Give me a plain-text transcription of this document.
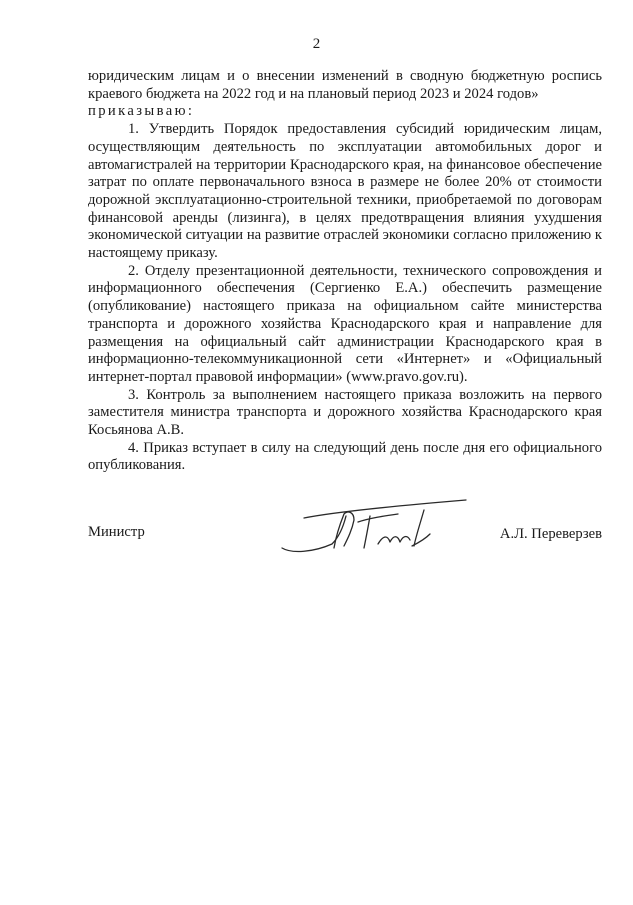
2

юридическим лицам и о внесении изменений в сводную бюджетную роспись краевого бюджета на 2022 год и на плановый период 2023 и 2024 годов»

приказываю:

1. Утвердить Порядок предоставления субсидий юридическим лицам, осуществляющим деятельность по эксплуатации автомобильных дорог и автомагистралей на территории Краснодарского края, на финансовое обеспечение затрат по оплате первоначального взноса в размере не более 20% от стоимости дорожной эксплуатационно-строительной техники, приобретаемой по договорам финансовой аренды (лизинга), в целях предотвращения влияния ухудшения экономической ситуации на развитие отраслей экономики согласно приложению к настоящему приказу.

2. Отделу презентационной деятельности, технического сопровождения и информационного обеспечения (Сергиенко Е.А.) обеспечить размещение (опубликование) настоящего приказа на официальном сайте министерства транспорта и дорожного хозяйства Краснодарского края и направление для размещения на официальный сайт администрации Краснодарского края в информационно-телекоммуникационной сети «Интернет» и «Официальный интернет-портал правовой информации» (www.pravo.gov.ru).

3. Контроль за выполнением настоящего приказа возложить на первого заместителя министра транспорта и дорожного хозяйства Краснодарского края Косьянова А.В.

4. Приказ вступает в силу на следующий день после дня его официального опубликования.

Министр	А.Л. Переверзев
